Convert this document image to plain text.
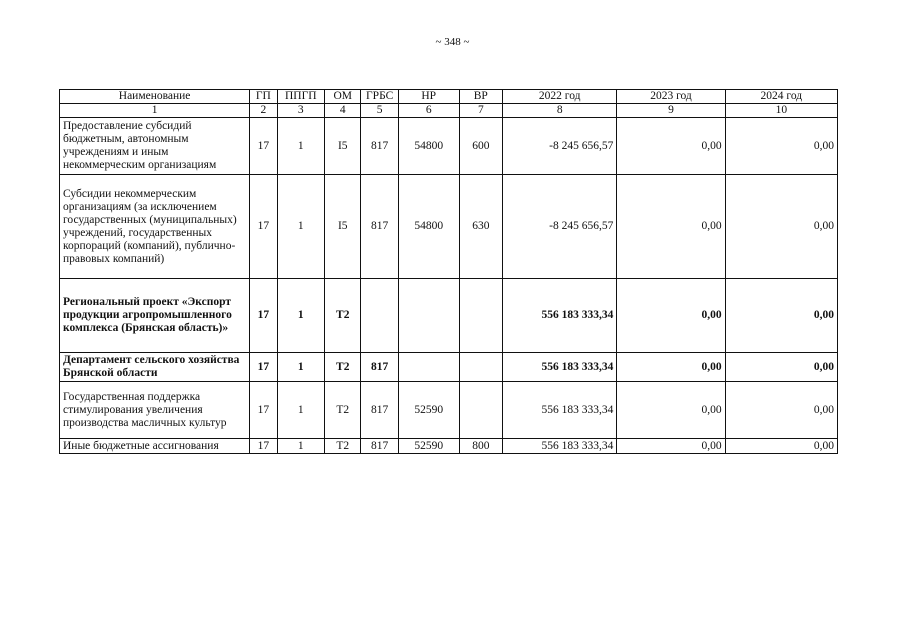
~ 348 ~
Наименование	ГП	ППГП	ОМ	ГРБС	НР	ВР	2022 год	2023 год	2024 год
1	2	3	4	5	6	7	8	9	10
Предоставление субсидий бюджетным, автономным учреждениям и иным некоммерческим организациям	17	1	I5	817	54800	600	-8 245 656,57	0,00	0,00
Субсидии некоммерческим организациям (за исключением государственных (муниципальных) учреждений, государственных корпораций (компаний), публично-правовых компаний)	17	1	I5	817	54800	630	-8 245 656,57	0,00	0,00
Региональный проект «Экспорт продукции агропромышленного комплекса (Брянская область)»	17	1	T2				556 183 333,34	0,00	0,00
Департамент сельского хозяйства Брянской области	17	1	T2	817			556 183 333,34	0,00	0,00
Государственная поддержка стимулирования увеличения производства масличных культур	17	1	T2	817	52590		556 183 333,34	0,00	0,00
Иные бюджетные ассигнования	17	1	T2	817	52590	800	556 183 333,34	0,00	0,00
